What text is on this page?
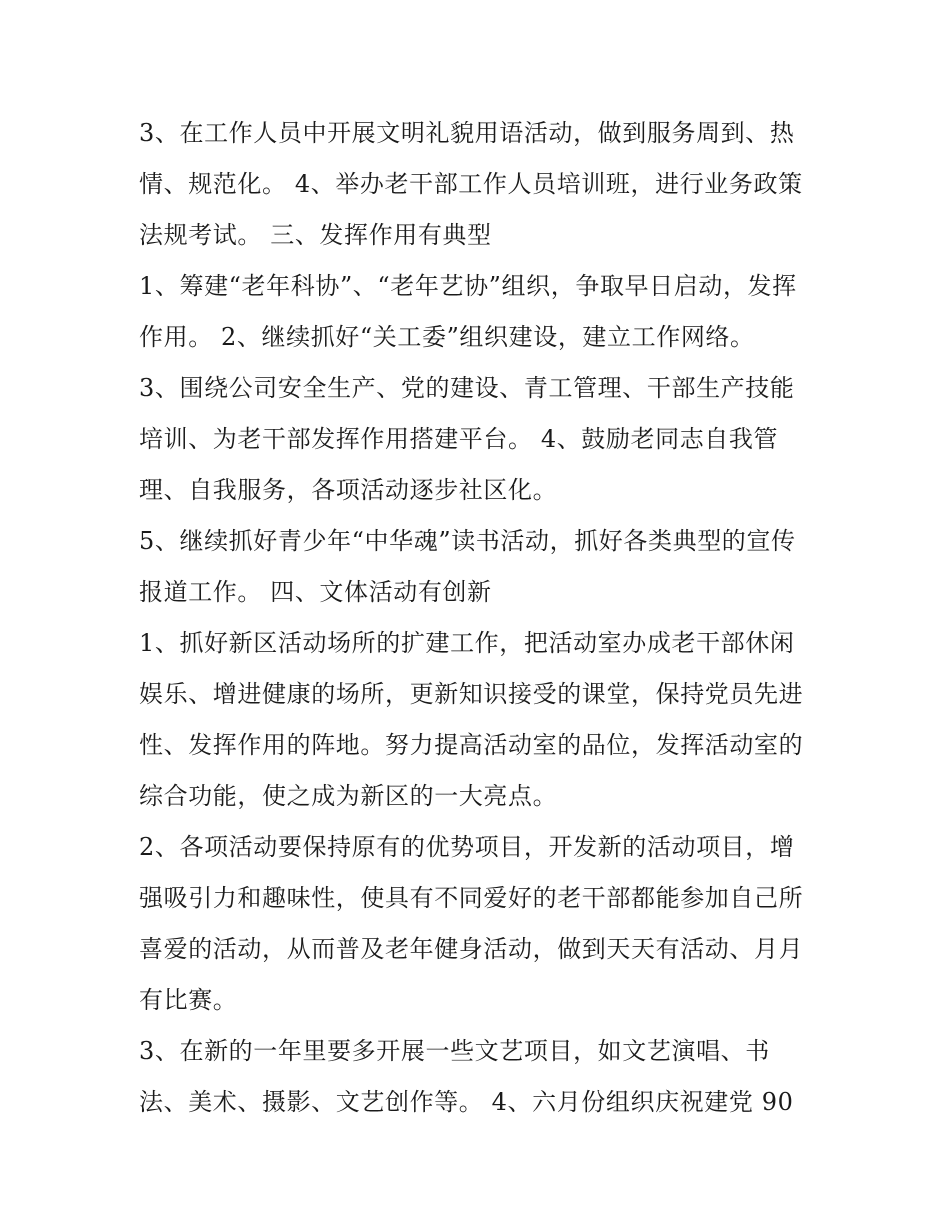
3、在工作人员中开展文明礼貌用语活动，做到服务周到、热
情、规范化。 4、举办老干部工作人员培训班，进行业务政策
法规考试。 三、发挥作用有典型
1、筹建“老年科协”、“老年艺协”组织，争取早日启动，发挥
作用。 2、继续抓好“关工委”组织建设，建立工作网络。
3、围绕公司安全生产、党的建设、青工管理、干部生产技能
培训、为老干部发挥作用搭建平台。 4、鼓励老同志自我管
理、自我服务，各项活动逐步社区化。
5、继续抓好青少年“中华魂”读书活动，抓好各类典型的宣传
报道工作。 四、文体活动有创新
1、抓好新区活动场所的扩建工作，把活动室办成老干部休闲
娱乐、增进健康的场所，更新知识接受的课堂，保持党员先进
性、发挥作用的阵地。努力提高活动室的品位，发挥活动室的
综合功能，使之成为新区的一大亮点。
2、各项活动要保持原有的优势项目，开发新的活动项目，增
强吸引力和趣味性，使具有不同爱好的老干部都能参加自己所
喜爱的活动，从而普及老年健身活动，做到天天有活动、月月
有比赛。
3、在新的一年里要多开展一些文艺项目，如文艺演唱、书
法、美术、摄影、文艺创作等。 4、六月份组织庆祝建党 90
